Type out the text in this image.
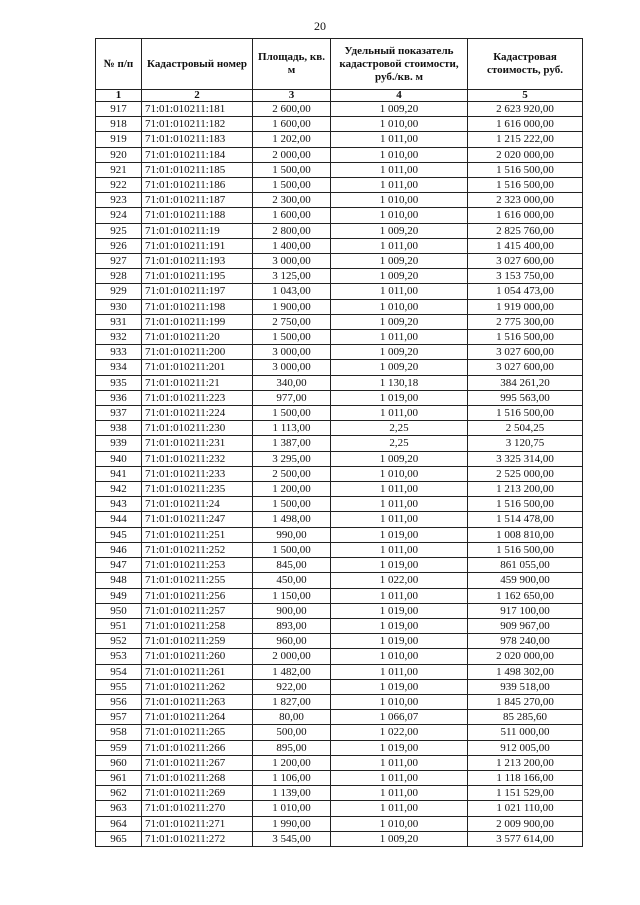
20
№ п/п	Кадастровый номер	Площадь, кв. м	Удельный показатель кадастровой стоимости, руб./кв. м	Кадастровая стоимость, руб.
1	2	3	4	5
917	71:01:010211:181	2 600,00	1 009,20	2 623 920,00
918	71:01:010211:182	1 600,00	1 010,00	1 616 000,00
919	71:01:010211:183	1 202,00	1 011,00	1 215 222,00
920	71:01:010211:184	2 000,00	1 010,00	2 020 000,00
921	71:01:010211:185	1 500,00	1 011,00	1 516 500,00
922	71:01:010211:186	1 500,00	1 011,00	1 516 500,00
923	71:01:010211:187	2 300,00	1 010,00	2 323 000,00
924	71:01:010211:188	1 600,00	1 010,00	1 616 000,00
925	71:01:010211:19	2 800,00	1 009,20	2 825 760,00
926	71:01:010211:191	1 400,00	1 011,00	1 415 400,00
927	71:01:010211:193	3 000,00	1 009,20	3 027 600,00
928	71:01:010211:195	3 125,00	1 009,20	3 153 750,00
929	71:01:010211:197	1 043,00	1 011,00	1 054 473,00
930	71:01:010211:198	1 900,00	1 010,00	1 919 000,00
931	71:01:010211:199	2 750,00	1 009,20	2 775 300,00
932	71:01:010211:20	1 500,00	1 011,00	1 516 500,00
933	71:01:010211:200	3 000,00	1 009,20	3 027 600,00
934	71:01:010211:201	3 000,00	1 009,20	3 027 600,00
935	71:01:010211:21	340,00	1 130,18	384 261,20
936	71:01:010211:223	977,00	1 019,00	995 563,00
937	71:01:010211:224	1 500,00	1 011,00	1 516 500,00
938	71:01:010211:230	1 113,00	2,25	2 504,25
939	71:01:010211:231	1 387,00	2,25	3 120,75
940	71:01:010211:232	3 295,00	1 009,20	3 325 314,00
941	71:01:010211:233	2 500,00	1 010,00	2 525 000,00
942	71:01:010211:235	1 200,00	1 011,00	1 213 200,00
943	71:01:010211:24	1 500,00	1 011,00	1 516 500,00
944	71:01:010211:247	1 498,00	1 011,00	1 514 478,00
945	71:01:010211:251	990,00	1 019,00	1 008 810,00
946	71:01:010211:252	1 500,00	1 011,00	1 516 500,00
947	71:01:010211:253	845,00	1 019,00	861 055,00
948	71:01:010211:255	450,00	1 022,00	459 900,00
949	71:01:010211:256	1 150,00	1 011,00	1 162 650,00
950	71:01:010211:257	900,00	1 019,00	917 100,00
951	71:01:010211:258	893,00	1 019,00	909 967,00
952	71:01:010211:259	960,00	1 019,00	978 240,00
953	71:01:010211:260	2 000,00	1 010,00	2 020 000,00
954	71:01:010211:261	1 482,00	1 011,00	1 498 302,00
955	71:01:010211:262	922,00	1 019,00	939 518,00
956	71:01:010211:263	1 827,00	1 010,00	1 845 270,00
957	71:01:010211:264	80,00	1 066,07	85 285,60
958	71:01:010211:265	500,00	1 022,00	511 000,00
959	71:01:010211:266	895,00	1 019,00	912 005,00
960	71:01:010211:267	1 200,00	1 011,00	1 213 200,00
961	71:01:010211:268	1 106,00	1 011,00	1 118 166,00
962	71:01:010211:269	1 139,00	1 011,00	1 151 529,00
963	71:01:010211:270	1 010,00	1 011,00	1 021 110,00
964	71:01:010211:271	1 990,00	1 010,00	2 009 900,00
965	71:01:010211:272	3 545,00	1 009,20	3 577 614,00
